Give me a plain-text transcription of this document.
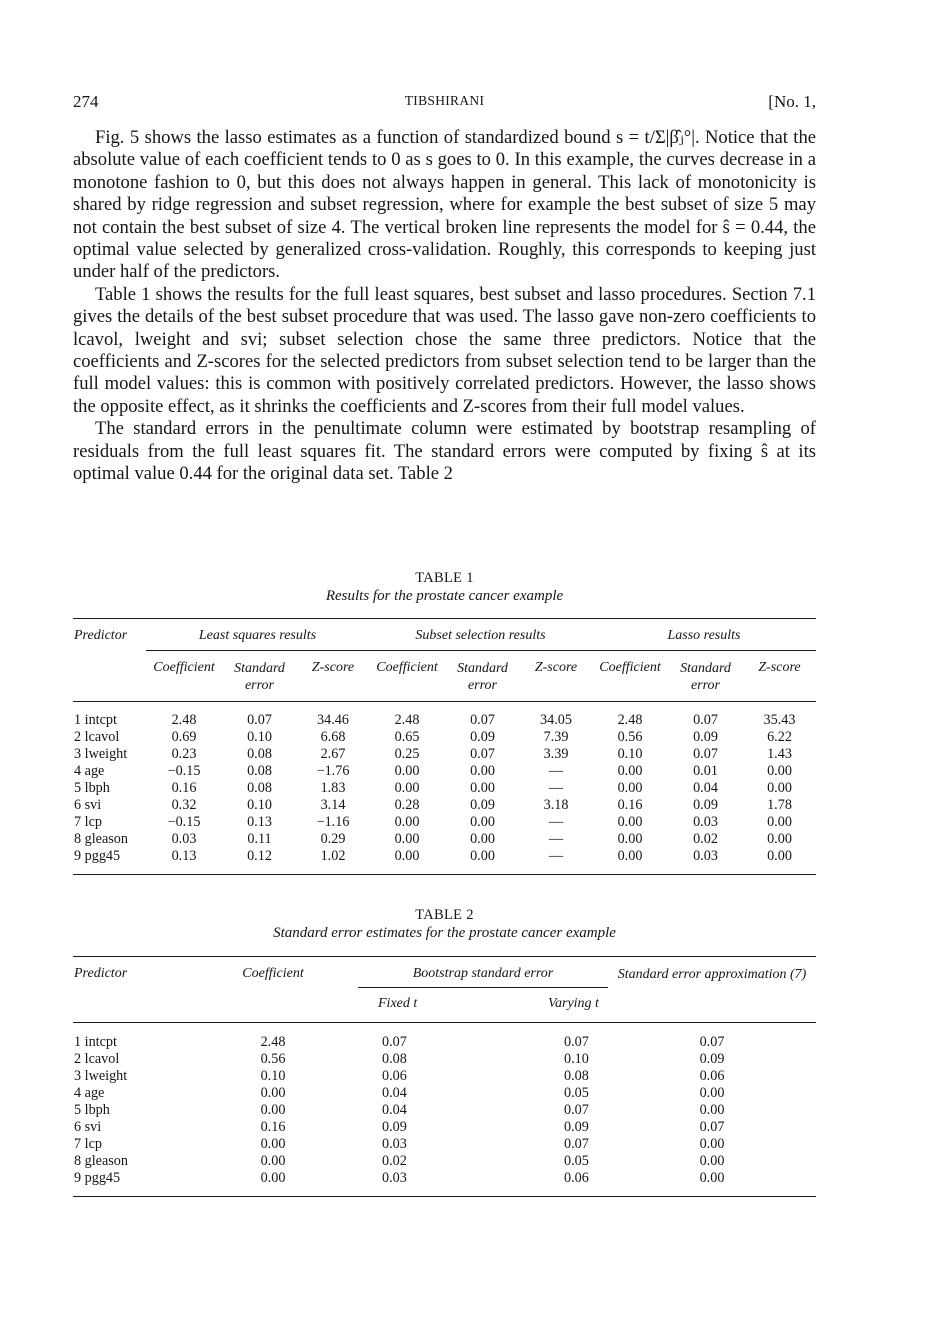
274	TIBSHIRANI	[No. 1,

Fig. 5 shows the lasso estimates as a function of standardized bound s = t/Σ|β̂ⱼ°|. Notice that the absolute value of each coefficient tends to 0 as s goes to 0. In this example, the curves decrease in a monotone fashion to 0, but this does not always happen in general. This lack of monotonicity is shared by ridge regression and subset regression, where for example the best subset of size 5 may not contain the best subset of size 4. The vertical broken line represents the model for ŝ = 0.44, the optimal value selected by generalized cross-validation. Roughly, this corresponds to keeping just under half of the predictors.

Table 1 shows the results for the full least squares, best subset and lasso procedures. Section 7.1 gives the details of the best subset procedure that was used. The lasso gave non-zero coefficients to lcavol, lweight and svi; subset selection chose the same three predictors. Notice that the coefficients and Z-scores for the selected predictors from subset selection tend to be larger than the full model values: this is common with positively correlated predictors. However, the lasso shows the opposite effect, as it shrinks the coefficients and Z-scores from their full model values.

The standard errors in the penultimate column were estimated by bootstrap resampling of residuals from the full least squares fit. The standard errors were computed by fixing ŝ at its optimal value 0.44 for the original data set. Table 2

TABLE 1
Results for the prostate cancer example
Predictor	Least squares results			Subset selection results			Lasso results		
	Coefficient	Standard error	Z-score	Coefficient	Standard error	Z-score	Coefficient	Standard error	Z-score
1 intcpt	2.48	0.07	34.46	2.48	0.07	34.05	2.48	0.07	35.43
2 lcavol	0.69	0.10	6.68	0.65	0.09	7.39	0.56	0.09	6.22
3 lweight	0.23	0.08	2.67	0.25	0.07	3.39	0.10	0.07	1.43
4 age	−0.15	0.08	−1.76	0.00	0.00	—	0.00	0.01	0.00
5 lbph	0.16	0.08	1.83	0.00	0.00	—	0.00	0.04	0.00
6 svi	0.32	0.10	3.14	0.28	0.09	3.18	0.16	0.09	1.78
7 lcp	−0.15	0.13	−1.16	0.00	0.00	—	0.00	0.03	0.00
8 gleason	0.03	0.11	0.29	0.00	0.00	—	0.00	0.02	0.00
9 pgg45	0.13	0.12	1.02	0.00	0.00	—	0.00	0.03	0.00
TABLE 2
Standard error estimates for the prostate cancer example
Predictor	Coefficient		Bootstrap standard error			Standard error approximation (7)
			Fixed t		Varying t	
1 intcpt	2.48		0.07		0.07	0.07
2 lcavol	0.56		0.08		0.10	0.09
3 lweight	0.10		0.06		0.08	0.06
4 age	0.00		0.04		0.05	0.00
5 lbph	0.00		0.04		0.07	0.00
6 svi	0.16		0.09		0.09	0.07
7 lcp	0.00		0.03		0.07	0.00
8 gleason	0.00		0.02		0.05	0.00
9 pgg45	0.00		0.03		0.06	0.00
